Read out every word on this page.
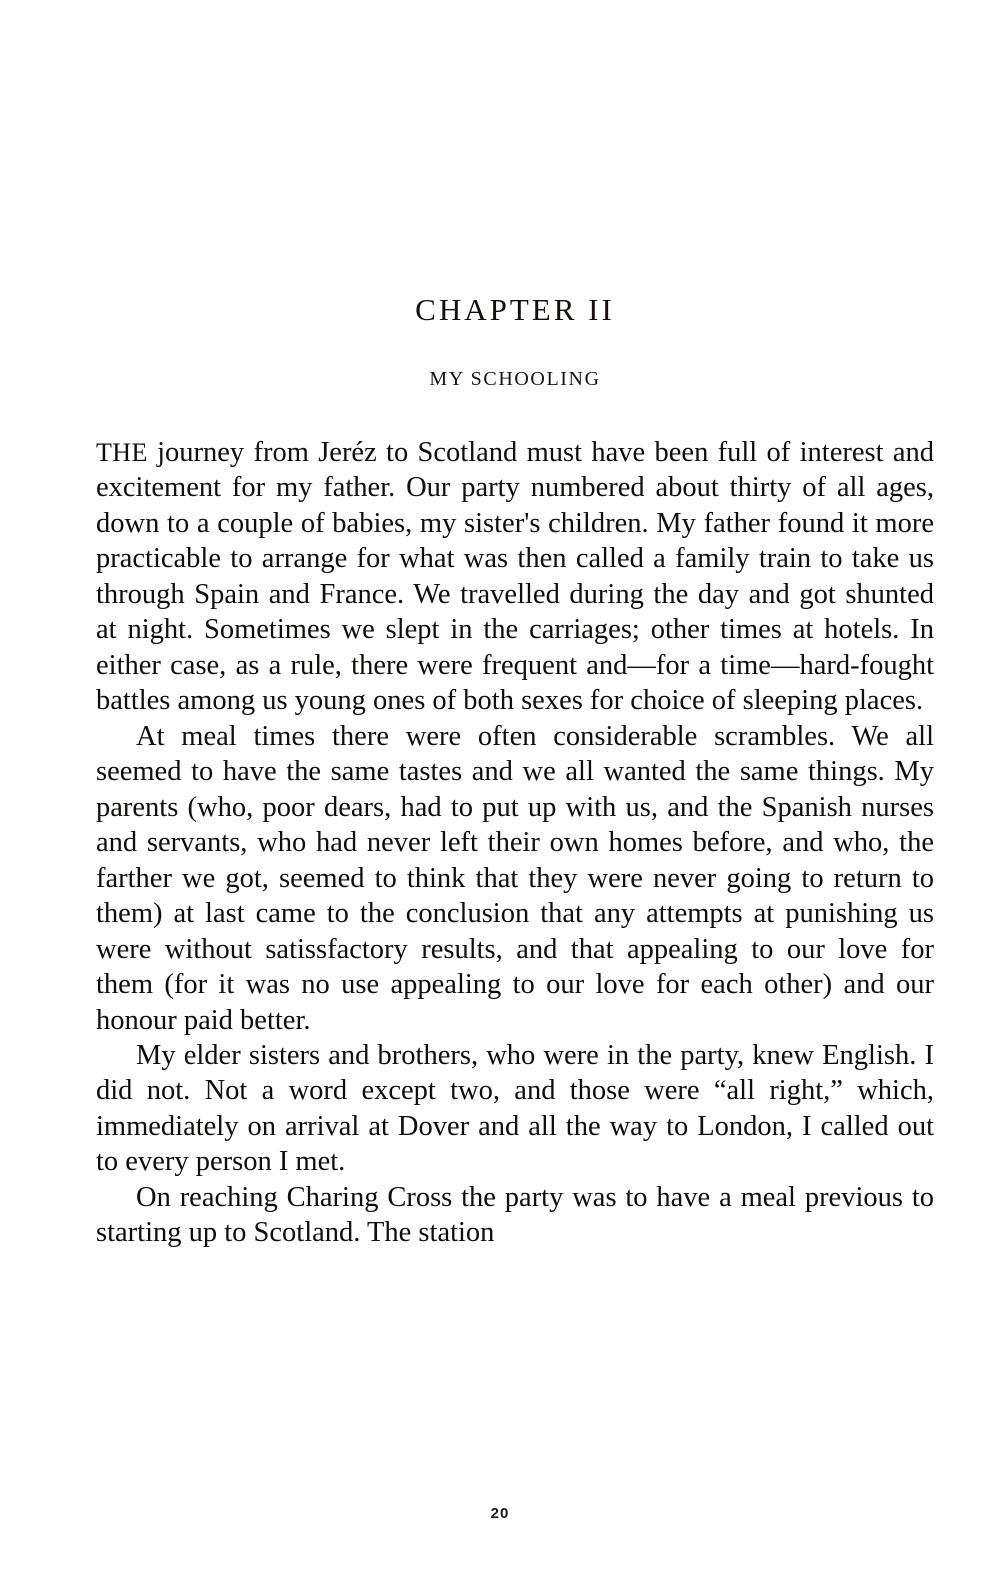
CHAPTER II
MY SCHOOLING

THE journey from Jeréz to Scotland must have been full of interest and excitement for my father. Our party numbered about thirty of all ages, down to a couple of babies, my sister's children. My father found it more practicable to arrange for what was then called a family train to take us through Spain and France. We travelled during the day and got shunted at night. Sometimes we slept in the carriages; other times at hotels. In either case, as a rule, there were frequent and—for a time—hard-fought battles among us young ones of both sexes for choice of sleeping places.

At meal times there were often considerable scrambles. We all seemed to have the same tastes and we all wanted the same things. My parents (who, poor dears, had to put up with us, and the Spanish nurses and servants, who had never left their own homes before, and who, the farther we got, seemed to think that they were never going to return to them) at last came to the conclusion that any attempts at punishing us were without satissfactory results, and that appealing to our love for them (for it was no use appealing to our love for each other) and our honour paid better.

My elder sisters and brothers, who were in the party, knew English. I did not. Not a word except two, and those were “all right,” which, immediately on arrival at Dover and all the way to London, I called out to every person I met.

On reaching Charing Cross the party was to have a meal previous to starting up to Scotland. The station

20
